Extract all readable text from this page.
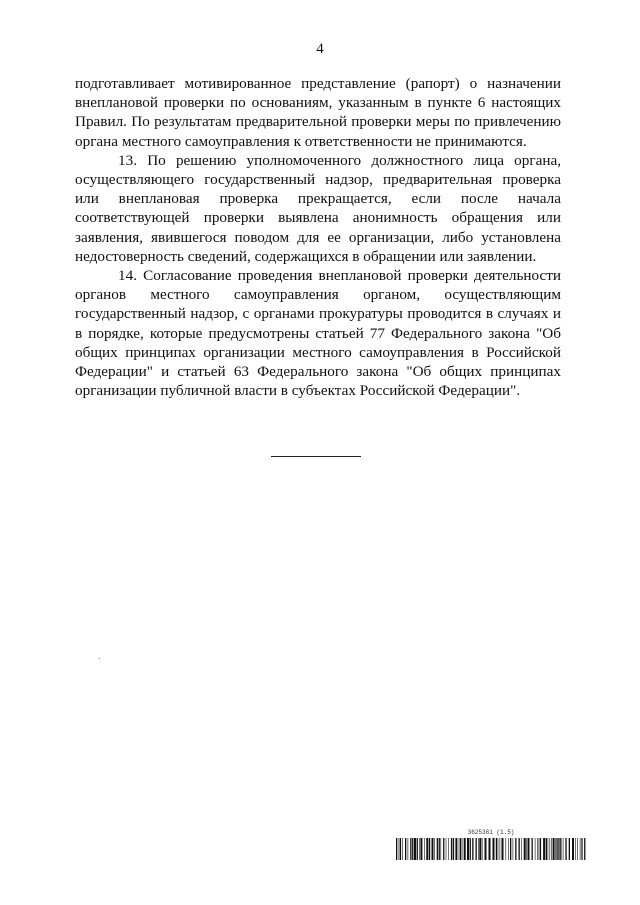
4

подготавливает мотивированное представление (рапорт) о назначении внеплановой проверки по основаниям, указанным в пункте 6 настоящих Правил. По результатам предварительной проверки меры по привлечению органа местного самоуправления к ответственности не принимаются.

13. По решению уполномоченного должностного лица органа, осуществляющего государственный надзор, предварительная проверка или внеплановая проверка прекращается, если после начала соответствующей проверки выявлена анонимность обращения или заявления, явившегося поводом для ее организации, либо установлена недостоверность сведений, содержащихся в обращении или заявлении.

14. Согласование проведения внеплановой проверки деятельности органов местного самоуправления органом, осуществляющим государственный надзор, с органами прокуратуры проводится в случаях и в порядке, которые предусмотрены статьей 77 Федерального закона "Об общих принципах организации местного самоуправления в Российской Федерации" и статьей 63 Федерального закона "Об общих принципах организации публичной власти в субъектах Российской Федерации".

3625361 (1.5)
